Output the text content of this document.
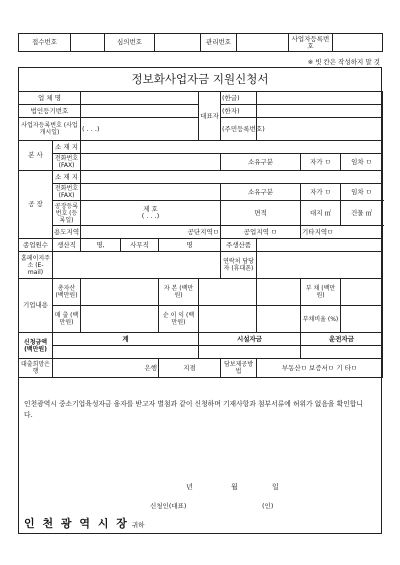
접수번호		심의번호		관리번호		사업자등록번호	
※ 빗 칸은 작성하지 말 것
정보화사업자금 지원신청서
업 체 명					대표자	(한글)			
법인등기번호						(한자)			
사업자등록번호 (사업개시일)		( . . .)				(주민등록번호)			
본 사	소 재 지								
	전화번호 (FAX)					소유구분		자가 ㅁ	임차 ㅁ
공 장	소 재 지								
	전화번호 (FAX)					소유구분		자가 ㅁ	임차 ㅁ
	공장등록 번호 (등록일)	제 호
( . . .)				면적		대지 ㎡	건물 ㎡
	용도지역	공단지역ㅁ				공업지역 ㅁ		기타지역ㅁ	
종업원수	생산직	명,	사무직	명		주생산품			
홈페이지주소 (E-mail)						연락처 담당자 (휴대폰)			
기업내용	총자산 (백만원)			자 본 (백만원)				부 채 (백만원)	
	매 출 (백만원)			순 이 익 (백만원)				부채비율 (%)	
신청금액 (백만원)	계				시설자금			운전자금	

대출희망은 행	은행			지점		담보제공방법	부동산ㅁ 보증서ㅁ 기 타ㅁ		
인천광역시 중소기업육성자금 융자를 받고자 별첨과 같이 신청하며 기재사항과 첨부서류에 허위가 없음을 확인합니다.
년	월	일
신청인(대표)	(인)
인 천 광 역 시 장 귀하
